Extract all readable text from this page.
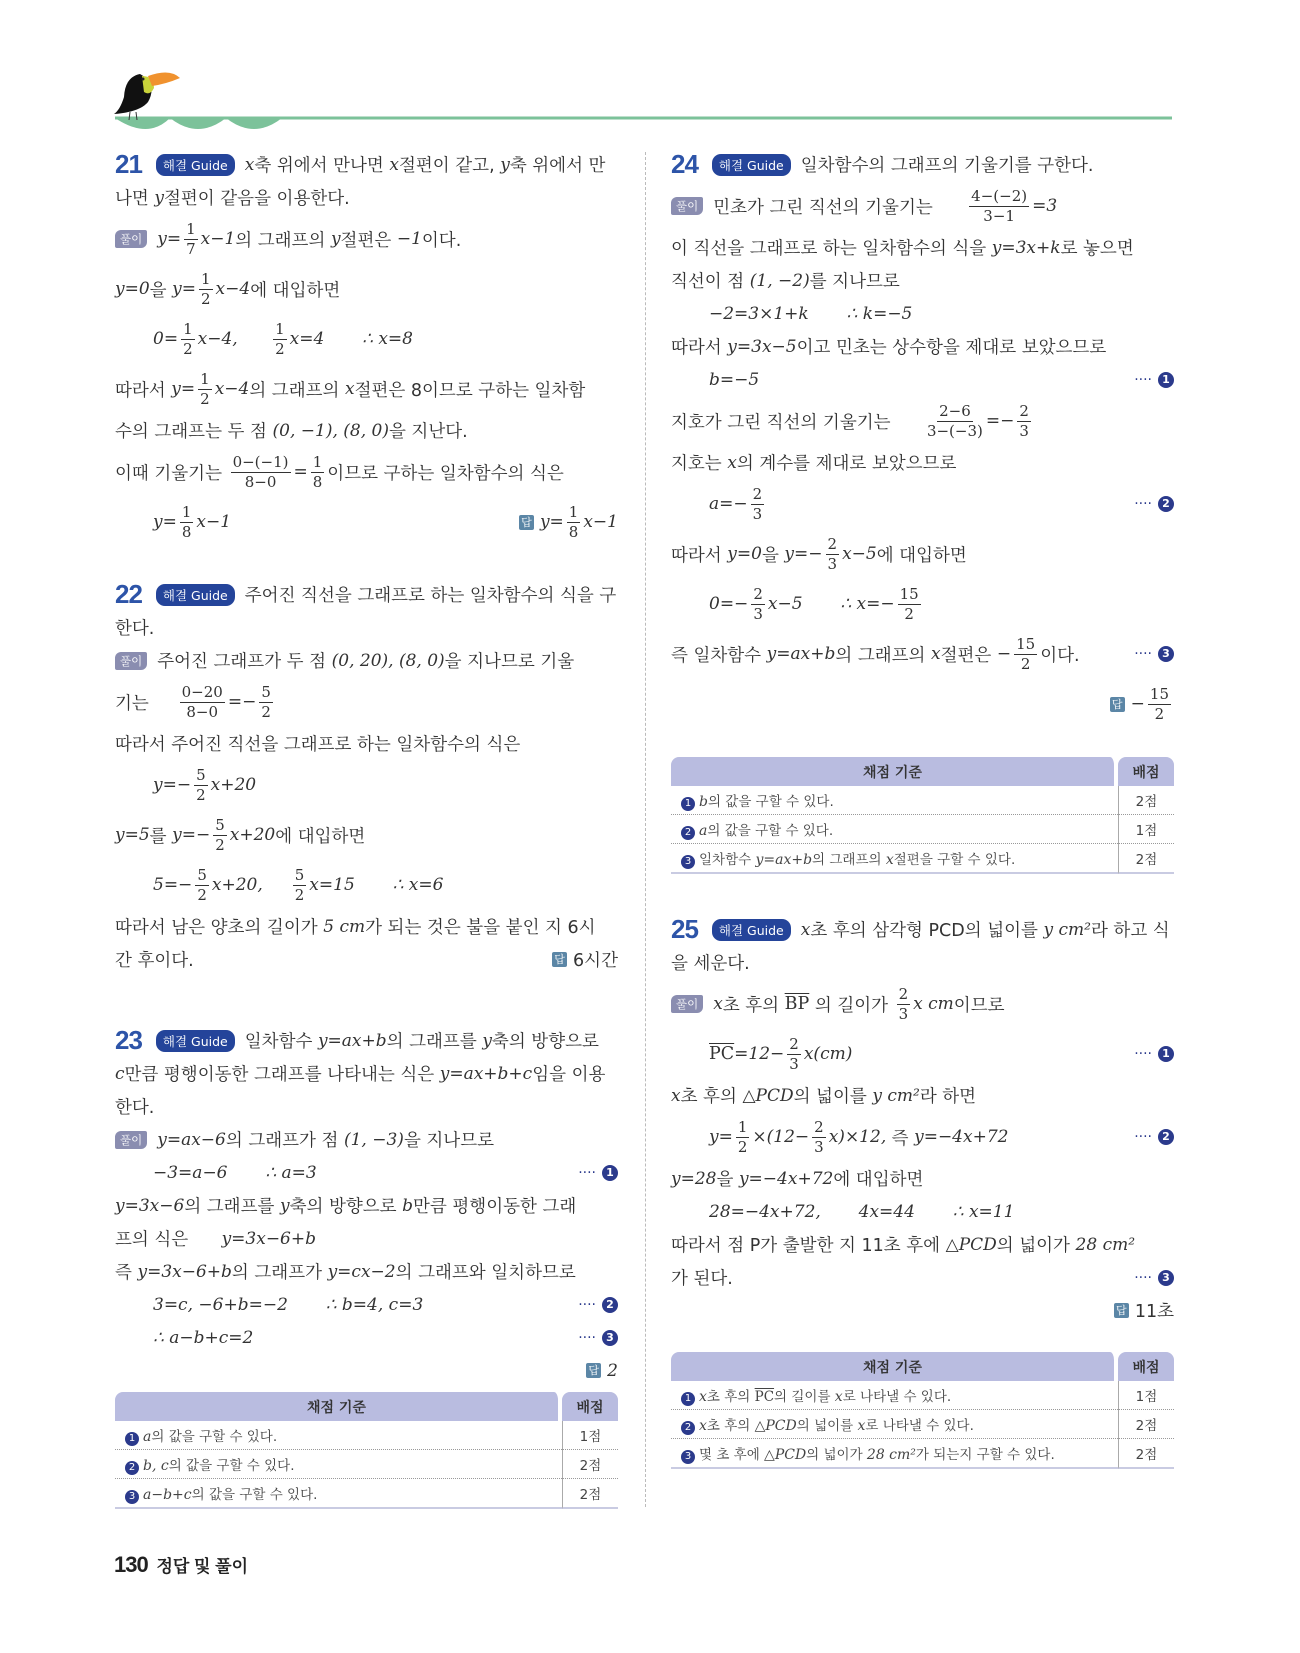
21	해결 Guide	x 축 위에서 만나면 x 절편이 같고, y 축 위에서 만
나면 y 절편이 같음을 이용한다.
풀이 $y= \frac{1}{7} x-1$ 의 그래프의 y 절편은 −1 이다.
y=0 을 $y= \frac{1}{2} x-4$ 에 대입하면
$0= \frac{1}{2} x-4$, $\frac{1}{2} x=4$       ∴ x=8
따라서 $y= \frac{1}{2} x-4$ 의 그래프의 x 절편은 8이므로 구하는 일차함
수의 그래프는 두 점 (0, −1), (8, 0) 을 지난다.
이때 기울기는 $\frac{0-(-1)}{8-0} = \frac{1}{8}$ 이므로 구하는 일차함수의 식은
$y= \frac{1}{8} x-1$	답 $y= \frac{1}{8} x-1$
22	해결 Guide 주어진 직선을 그래프로 하는 일차함수의 식을 구
한다.
풀이 주어진 그래프가 두 점 (0, 20), (8, 0) 을 지나므로 기울
기는 $\frac{0-20}{8-0} =- \frac{5}{2}$
따라서 주어진 직선을 그래프로 하는 일차함수의 식은
$y=- \frac{5}{2} x+20$
y=5 를 $y=- \frac{5}{2} x+20$ 에 대입하면
$5=- \frac{5}{2} x+20$, $\frac{5}{2} x=15$       ∴ x=6
따라서 남은 양초의 길이가 5 cm 가 되는 것은 불을 붙인 지 6시
간 후이다.	답 6시간
23	해결 Guide 일차함수 y=ax+b 의 그래프를 y 축의 방향으로
c 만큼 평행이동한 그래프를 나타내는 식은 y=ax+b+c 임을 이용
한다.
풀이 y=ax−6 의 그래프가 점 (1, −3) 을 지나므로
−3=a−6       ∴ a=3	···· 1
y=3x−6 의 그래프를 y 축의 방향으로 b 만큼 평행이동한 그래
프의 식은 y=3x−6+b
즉 y=3x−6+b 의 그래프가 y=cx−2 의 그래프와 일치하므로
3=c, −6+b=−2       ∴ b=4, c=3	···· 2
∴ a−b+c=2	···· 3
답 2
24	해결 Guide 일차함수의 그래프의 기울기를 구한다.
풀이 민초가 그린 직선의 기울기는 $\frac{4-(-2)}{3-1} =3$
이 직선을 그래프로 하는 일차함수의 식을 y=3x+k 로 놓으면
직선이 점 (1, −2) 를 지나므로
−2=3×1+k       ∴ k=−5
따라서 y=3x−5 이고 민초는 상수항을 제대로 보았으므로
b=−5	···· 1
지호가 그린 직선의 기울기는 $\frac{2-6}{3-(-3)} =- \frac{2}{3}$
지호는 x 의 계수를 제대로 보았으므로
$a=- \frac{2}{3}$	···· 2
따라서 y=0 을 $y=- \frac{2}{3} x-5$ 에 대입하면
$0=- \frac{2}{3} x-5$       ∴ $x=- \frac{15}{2}$
즉 일차함수 y=ax+b 의 그래프의 x 절편은 − $\frac{15}{2}$ 이다.	···· 3
답 − $\frac{15}{2}$
25	해결 Guide	x 초 후의 삼각형 PCD의 넓이를 y cm² 라 하고 식
을 세운다.
풀이 x 초 후의 $\overline{BP}$ 의 길이가 $\frac{2}{3}$ x cm 이므로
$\overline{PC} =12- \frac{2}{3} x(cm)$	···· 1
x 초 후의 △PCD 의 넓이를 y cm² 라 하면
$y= \frac{1}{2} \times(12- \frac{2}{3} x)\times 12$, 즉 y=−4x+72	···· 2
y=28 을 y=−4x+72 에 대입하면
28=−4x+72,       4x=44       ∴ x=11
따라서 점 P가 출발한 지 11초 후에 △PCD 의 넓이가 28 cm²
가 된다.	···· 3
답 11초
채점 기준	배점
1 a의 값을 구할 수 있다.	1점
2 b, c의 값을 구할 수 있다.	2점
3 a−b+c의 값을 구할 수 있다.	2점
채점 기준	배점
1 b의 값을 구할 수 있다.	2점
2 a의 값을 구할 수 있다.	1점
3 일차함수 y=ax+b의 그래프의 x절편을 구할 수 있다.	2점
채점 기준	배점
1 x초 후의 $\overline{PC}$의 길이를 x로 나타낼 수 있다.	1점
2 x초 후의 △PCD의 넓이를 x로 나타낼 수 있다.	2점
3 몇 초 후에 △PCD의 넓이가 28 cm²가 되는지 구할 수 있다.	2점
130 정답 및 풀이
